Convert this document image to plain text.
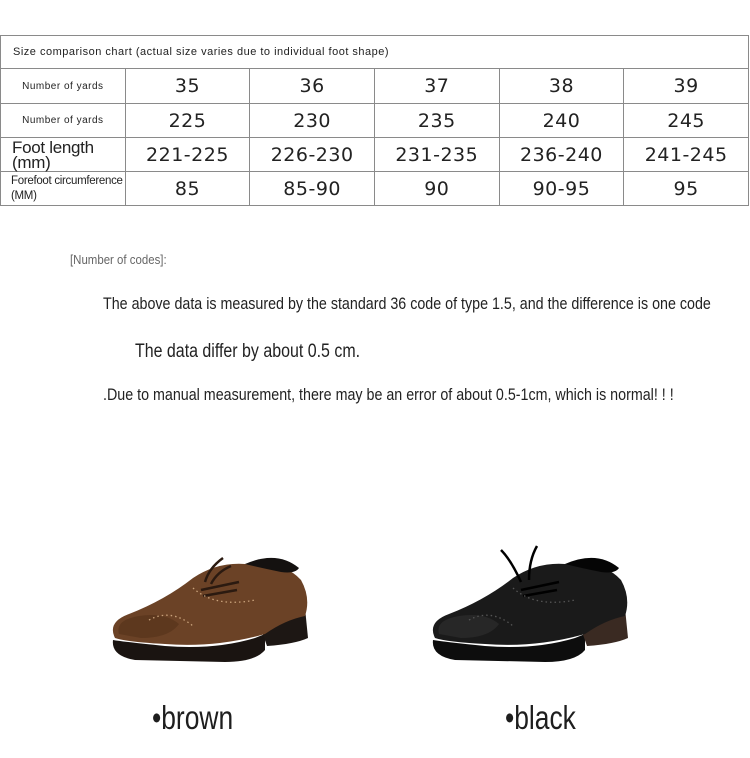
Size comparison chart (actual size varies due to individual foot shape)					
Number of yards	35	36	37	38	39
Number of yards	225	230	235	240	245
Foot length (mm)	221-225	226-230	231-235	236-240	241-245
Forefoot circumference (MM)	85	85-90	90	90-95	95
[Number of codes]:
The above data is measured by the standard 36 code of type 1.5, and the difference is one code
The data differ by about 0.5 cm.
.Due to manual measurement, there may be an error of about 0.5-1cm, which is normal! ! !
•brown	•black
